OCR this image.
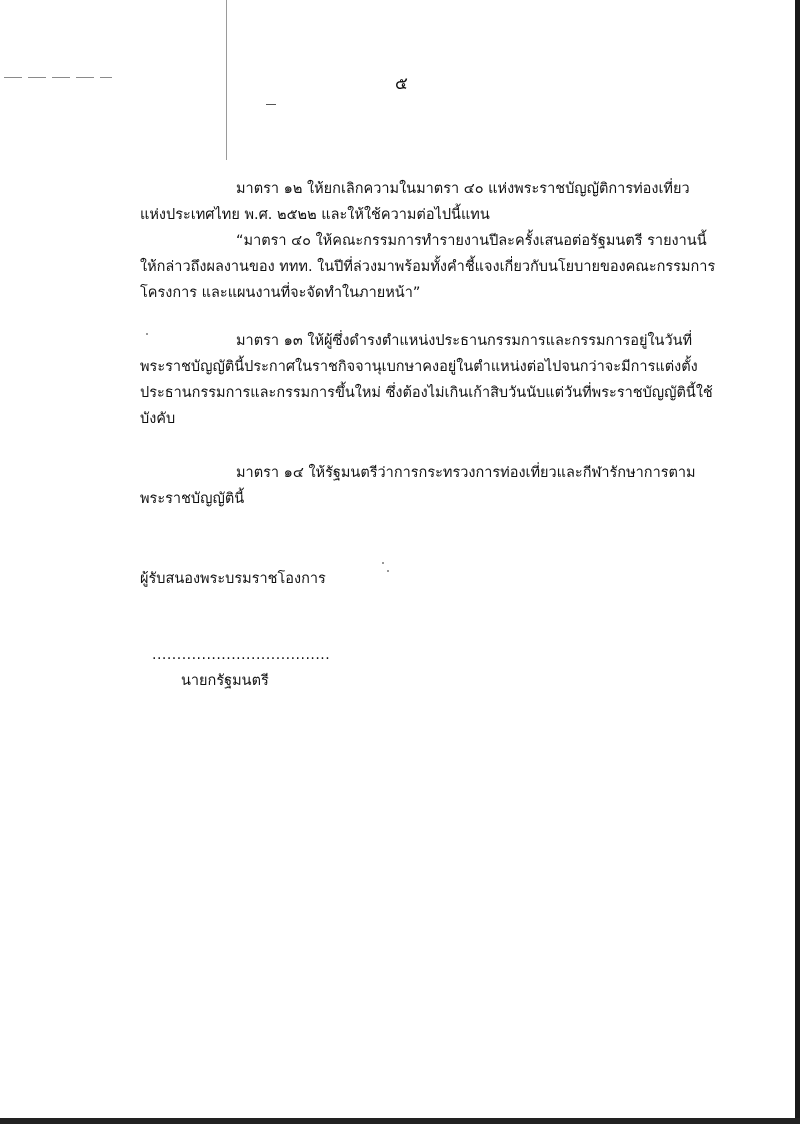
๕
มาตรา ๑๒ ให้ยกเลิกความในมาตรา ๔๐ แห่งพระราชบัญญัติการท่องเที่ยว
แห่งประเทศไทย พ.ศ. ๒๕๒๒ และให้ใช้ความต่อไปนี้แทน
“มาตรา ๔๐ ให้คณะกรรมการทำรายงานปีละครั้งเสนอต่อรัฐมนตรี รายงานนี้
ให้กล่าวถึงผลงานของ ททท. ในปีที่ล่วงมาพร้อมทั้งคำชี้แจงเกี่ยวกับนโยบายของคณะกรรมการ
โครงการ และแผนงานที่จะจัดทำในภายหน้า”
มาตรา ๑๓ ให้ผู้ซึ่งดำรงตำแหน่งประธานกรรมการและกรรมการอยู่ในวันที่
พระราชบัญญัตินี้ประกาศในราชกิจจานุเบกษาคงอยู่ในตำแหน่งต่อไปจนกว่าจะมีการแต่งตั้ง
ประธานกรรมการและกรรมการขึ้นใหม่ ซึ่งต้องไม่เกินเก้าสิบวันนับแต่วันที่พระราชบัญญัตินี้ใช้
บังคับ
มาตรา ๑๔ ให้รัฐมนตรีว่าการกระทรวงการท่องเที่ยวและกีฬารักษาการตาม
พระราชบัญญัตินี้
ผู้รับสนองพระบรมราชโองการ
....................................
นายกรัฐมนตรี
